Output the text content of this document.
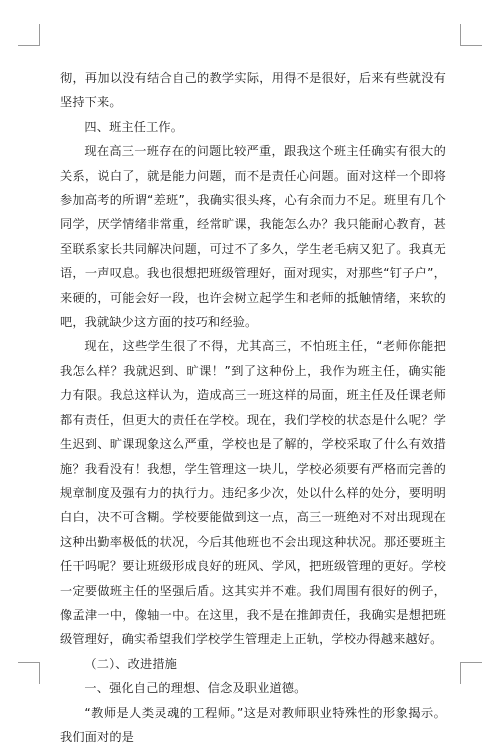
彻，再加以没有结合自己的教学实际，用得不是很好，后来有些就没有坚持下来。

四、班主任工作。

现在高三一班存在的问题比较严重，跟我这个班主任确实有很大的关系，说白了，就是能力问题，而不是责任心问题。面对这样一个即将参加高考的所谓“差班”，我确实很头疼，心有余而力不足。班里有几个同学，厌学情绪非常重，经常旷课，我能怎么办？我只能耐心教育，甚至联系家长共同解决问题，可过不了多久，学生老毛病又犯了。我真无语，一声叹息。我也很想把班级管理好，面对现实，对那些“钉子户”，来硬的，可能会好一段，也许会树立起学生和老师的抵触情绪，来软的吧，我就缺少这方面的技巧和经验。

现在，这些学生很了不得，尤其高三，不怕班主任，“老师你能把我怎么样？我就迟到、旷课！”到了这种份上，我作为班主任，确实能力有限。我总这样认为，造成高三一班这样的局面，班主任及任课老师都有责任，但更大的责任在学校。现在，我们学校的状态是什么呢？学生迟到、旷课现象这么严重，学校也是了解的，学校采取了什么有效措施？我看没有！我想，学生管理这一块儿，学校必须要有严格而完善的规章制度及强有力的执行力。违纪多少次，处以什么样的处分，要明明白白，决不可含糊。学校要能做到这一点，高三一班绝对不对出现现在这种出勤率极低的状况，今后其他班也不会出现这种状况。那还要班主任干吗呢？要让班级形成良好的班风、学风，把班级管理的更好。学校一定要做班主任的坚强后盾。这其实并不难。我们周围有很好的例子，像孟津一中，像轴一中。在这里，我不是在推卸责任，我确实是想把班级管理好，确实希望我们学校学生管理走上正轨，学校办得越来越好。

（二）、改进措施

一、强化自己的理想、信念及职业道德。

“教师是人类灵魂的工程师。”这是对教师职业特殊性的形象揭示。我们面对的是
